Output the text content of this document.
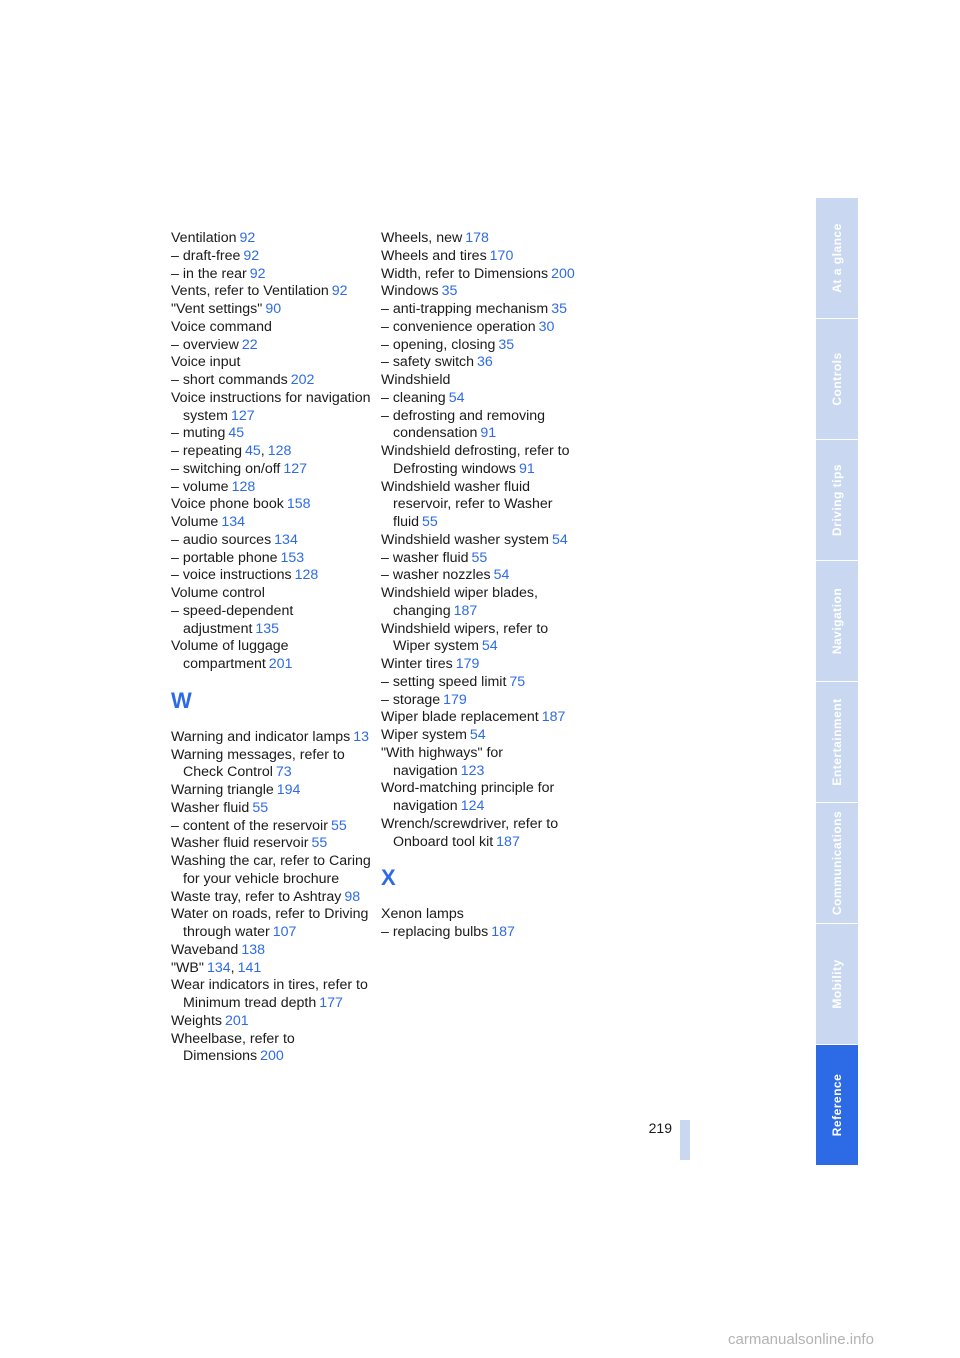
Ventilation 92
– draft-free 92
– in the rear 92
Vents, refer to Ventilation 92
"Vent settings" 90
Voice command
– overview 22
Voice input
– short commands 202
Voice instructions for navigation system 127
– muting 45
– repeating 45, 128
– switching on/off 127
– volume 128
Voice phone book 158
Volume 134
– audio sources 134
– portable phone 153
– voice instructions 128
Volume control
– speed-dependent adjustment 135
Volume of luggage compartment 201
W
Warning and indicator lamps 13
Warning messages, refer to Check Control 73
Warning triangle 194
Washer fluid 55
– content of the reservoir 55
Washer fluid reservoir 55
Washing the car, refer to Caring for your vehicle brochure
Waste tray, refer to Ashtray 98
Water on roads, refer to Driving through water 107
Waveband 138
"WB" 134, 141
Wear indicators in tires, refer to Minimum tread depth 177
Weights 201
Wheelbase, refer to Dimensions 200
Wheels, new 178
Wheels and tires 170
Width, refer to Dimensions 200
Windows 35
– anti-trapping mechanism 35
– convenience operation 30
– opening, closing 35
– safety switch 36
Windshield
– cleaning 54
– defrosting and removing condensation 91
Windshield defrosting, refer to Defrosting windows 91
Windshield washer fluid reservoir, refer to Washer fluid 55
Windshield washer system 54
– washer fluid 55
– washer nozzles 54
Windshield wiper blades, changing 187
Windshield wipers, refer to Wiper system 54
Winter tires 179
– setting speed limit 75
– storage 179
Wiper blade replacement 187
Wiper system 54
"With highways" for navigation 123
Word-matching principle for navigation 124
Wrench/screwdriver, refer to Onboard tool kit 187
X
Xenon lamps
– replacing bulbs 187
At a glance
Controls
Driving tips
Navigation
Entertainment
Communications
Mobility
Reference
219
carmanualsonline.info
